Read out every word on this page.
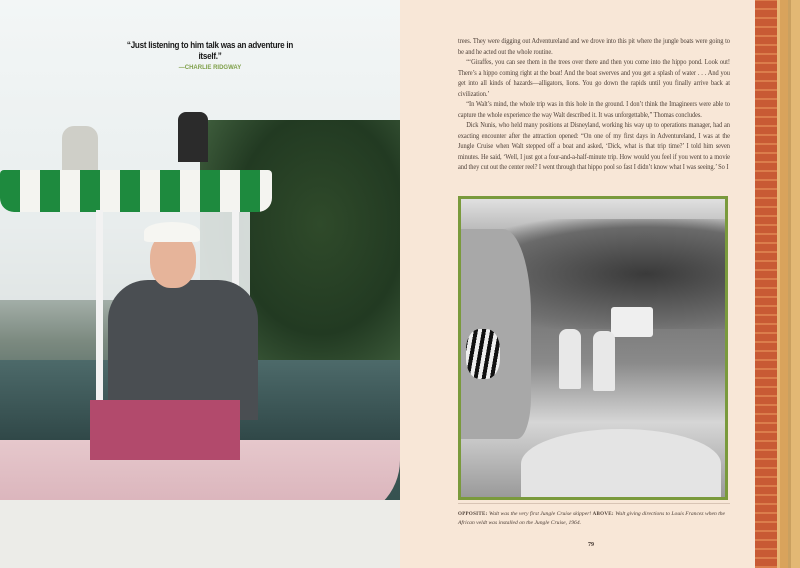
“Just listening to him talk was an adventure in itself.”
—CHARLIE RIDGWAY

trees. They were digging out Adventureland and we drove into this pit where the jungle boats were going to be and he acted out the whole routine.

“‘Giraffes, you can see them in the trees over there and then you come into the hippo pond. Look out! There’s a hippo coming right at the boat! And the boat swerves and you get a splash of water . . . And you get into all kinds of hazards—alligators, lions. You go down the rapids until you finally arrive back at civilization.’

“In Walt’s mind, the whole trip was in this hole in the ground. I don’t think the Imagineers were able to capture the whole experience the way Walt described it. It was unforgettable,” Thomas concludes.

Dick Nunis, who held many positions at Disneyland, working his way up to operations manager, had an exacting encounter after the attraction opened: “On one of my first days in Adventureland, I was at the Jungle Cruise when Walt stepped off a boat and asked, ‘Dick, what is that trip time?’ I told him seven minutes. He said, ‘Well, I just got a four-and-a-half-minute trip. How would you feel if you went to a movie and they cut out the center reel? I went through that hippo pool so fast I didn’t know what I was seeing.’ So I

OPPOSITE: Walt was the very first Jungle Cruise skipper! ABOVE: Walt giving directions to Louis Francez when the African veldt was installed on the Jungle Cruise, 1964.
79
